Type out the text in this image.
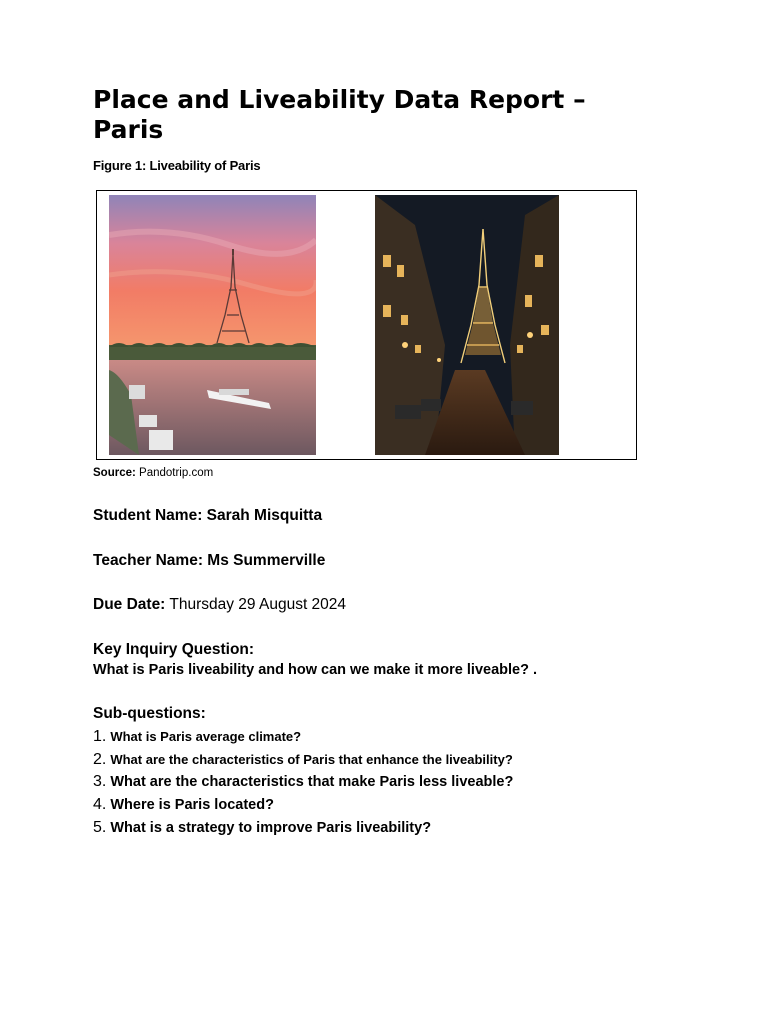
Place and Liveability Data Report – Paris
Figure 1: Liveability of Paris
Source: Pandotrip.com
Student Name: Sarah Misquitta
Teacher Name: Ms Summerville
Due Date: Thursday 29 August 2024
Key Inquiry Question:
What is Paris liveability and how can we make it more liveable? .
Sub-questions:
1. What is Paris average climate?
2. What are the characteristics of Paris that enhance the liveability?
3. What are the characteristics that make Paris less liveable?
4. Where is Paris located?
5. What is a strategy to improve Paris liveability?
